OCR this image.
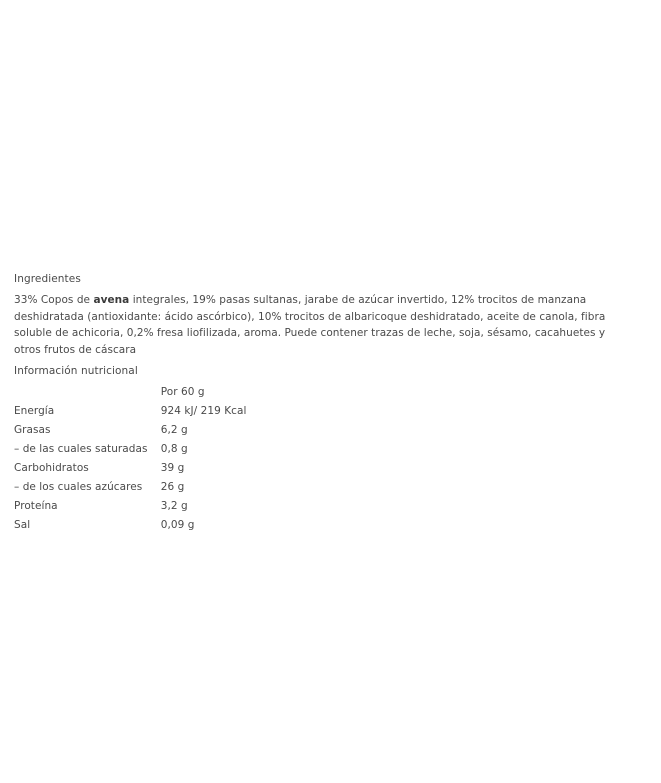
Ingredientes

33% Copos de avena integrales, 19% pasas sultanas, jarabe de azúcar invertido, 12% trocitos de manzana deshidratada (antioxidante: ácido ascórbico), 10% trocitos de albaricoque deshidratado, aceite de canola, fibra soluble de achicoria, 0,2% fresa liofilizada, aroma. Puede contener trazas de leche, soja, sésamo, cacahuetes y otros frutos de cáscara

Información nutricional
	Por 60 g
Energía	924 kJ/ 219 Kcal
Grasas	6,2 g
– de las cuales saturadas	0,8 g
Carbohidratos	39 g
– de los cuales azúcares	26 g
Proteína	3,2 g
Sal	0,09 g
